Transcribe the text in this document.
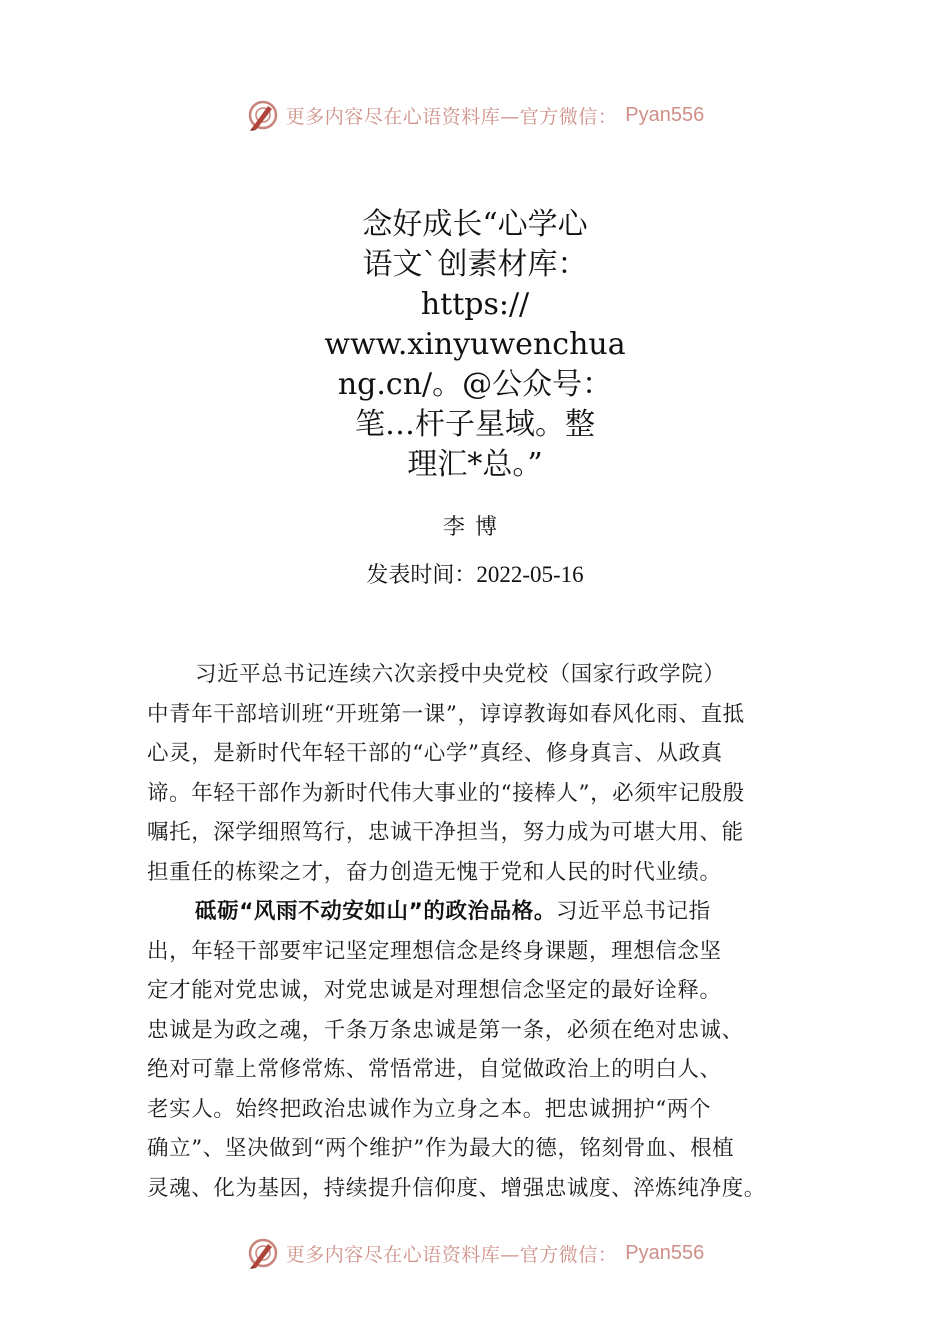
更多内容尽在心语资料库—官方微信： Pyan556
念好成长“心学心
语文`创素材库：
https://
www.xinyuwenchua
ng.cn/。@公众号：
笔…杆子星域。整
理汇*总。”
李博
发表时间：2022-05-16
习近平总书记连续六次亲授中央党校（国家行政学院）
中青年干部培训班“开班第一课”，谆谆教诲如春风化雨、直抵
心灵，是新时代年轻干部的“心学”真经、修身真言、从政真
谛。年轻干部作为新时代伟大事业的“接棒人”，必须牢记殷殷
嘱托，深学细照笃行，忠诚干净担当，努力成为可堪大用、能
担重任的栋梁之才，奋力创造无愧于党和人民的时代业绩。
砥砺“风雨不动安如山”的政治品格。习近平总书记指
出，年轻干部要牢记坚定理想信念是终身课题，理想信念坚
定才能对党忠诚，对党忠诚是对理想信念坚定的最好诠释。
忠诚是为政之魂，千条万条忠诚是第一条，必须在绝对忠诚、
绝对可靠上常修常炼、常悟常进，自觉做政治上的明白人、
老实人。始终把政治忠诚作为立身之本。把忠诚拥护“两个
确立”、坚决做到“两个维护”作为最大的德，铭刻骨血、根植
灵魂、化为基因，持续提升信仰度、增强忠诚度、淬炼纯净度。
更多内容尽在心语资料库—官方微信： Pyan556
